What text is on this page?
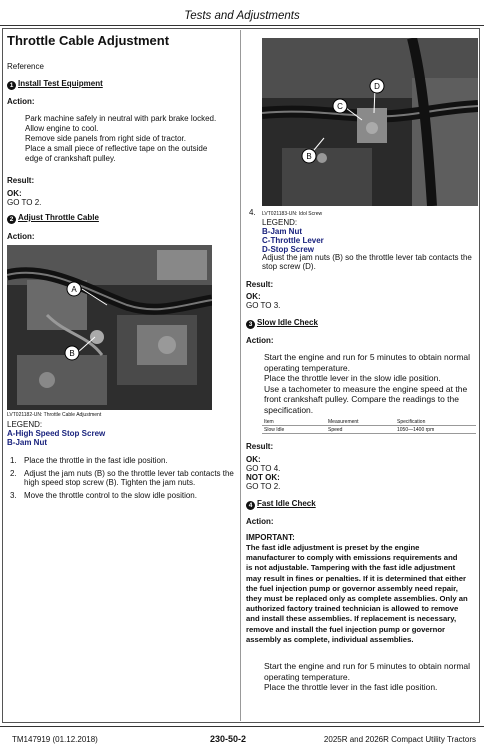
Tests and Adjustments
Throttle Cable Adjustment
Reference
1 Install Test Equipment
Action:

Park machine safely in neutral with park brake locked.

Allow engine to cool.

Remove side panels from right side of tractor.

Place a small piece of reflective tape on the outside

edge of crankshaft pulley.

Result:
OK:
GO TO 2.
2 Adjust Throttle Cable
Action:
A
B
LVT021182-UN: Throttle Cable Adjustment
LEGEND:
A-High Speed Stop Screw
B-Jam Nut
1. Place the throttle in the fast idle position.
2. Adjust the jam nuts (B) so the throttle lever tab contacts the
high speed stop screw (B). Tighten the jam nuts.
3. Move the throttle control to the slow idle position.
D
C
B
4. LVT021183-UN: Idol Screw
LEGEND:
B-Jam Nut
C-Throttle Lever
D-Stop Screw
Adjust the jam nuts (B) so the throttle lever tab contacts the
stop screw (D).
Result:
OK:
GO TO 3.
3 Slow Idle Check
Action:

Start the engine and run for 5 minutes to obtain normal

operating temperature.

Place the throttle lever in the slow idle position.

Use a tachometer to measure the engine speed at the

front crankshaft pulley. Compare the readings to the

specification.

Item	Measurement	Specification
Slow Idle	Speed	1050—1400 rpm
Result:
OK:
GO TO 4.
NOT OK:
GO TO 2.
4 Fast Idle Check
Action:
IMPORTANT:

The fast idle adjustment is preset by the engine

manufacturer to comply with emissions requirements and

is not adjustable. Tampering with the fast idle adjustment

may result in fines or penalties. If it is determined that either

the fuel injection pump or governor assembly need repair,

they must be replaced only as complete assemblies. Only an

authorized factory trained technician is allowed to remove

and install these assemblies. If replacement is necessary,

remove and install the fuel injection pump or governor

assembly as complete, individual assemblies.

Start the engine and run for 5 minutes to obtain normal

operating temperature.

Place the throttle lever in the fast idle position.

TM147919 (01.12.2018)	230-50-2	2025R and 2026R Compact Utility Tractors
